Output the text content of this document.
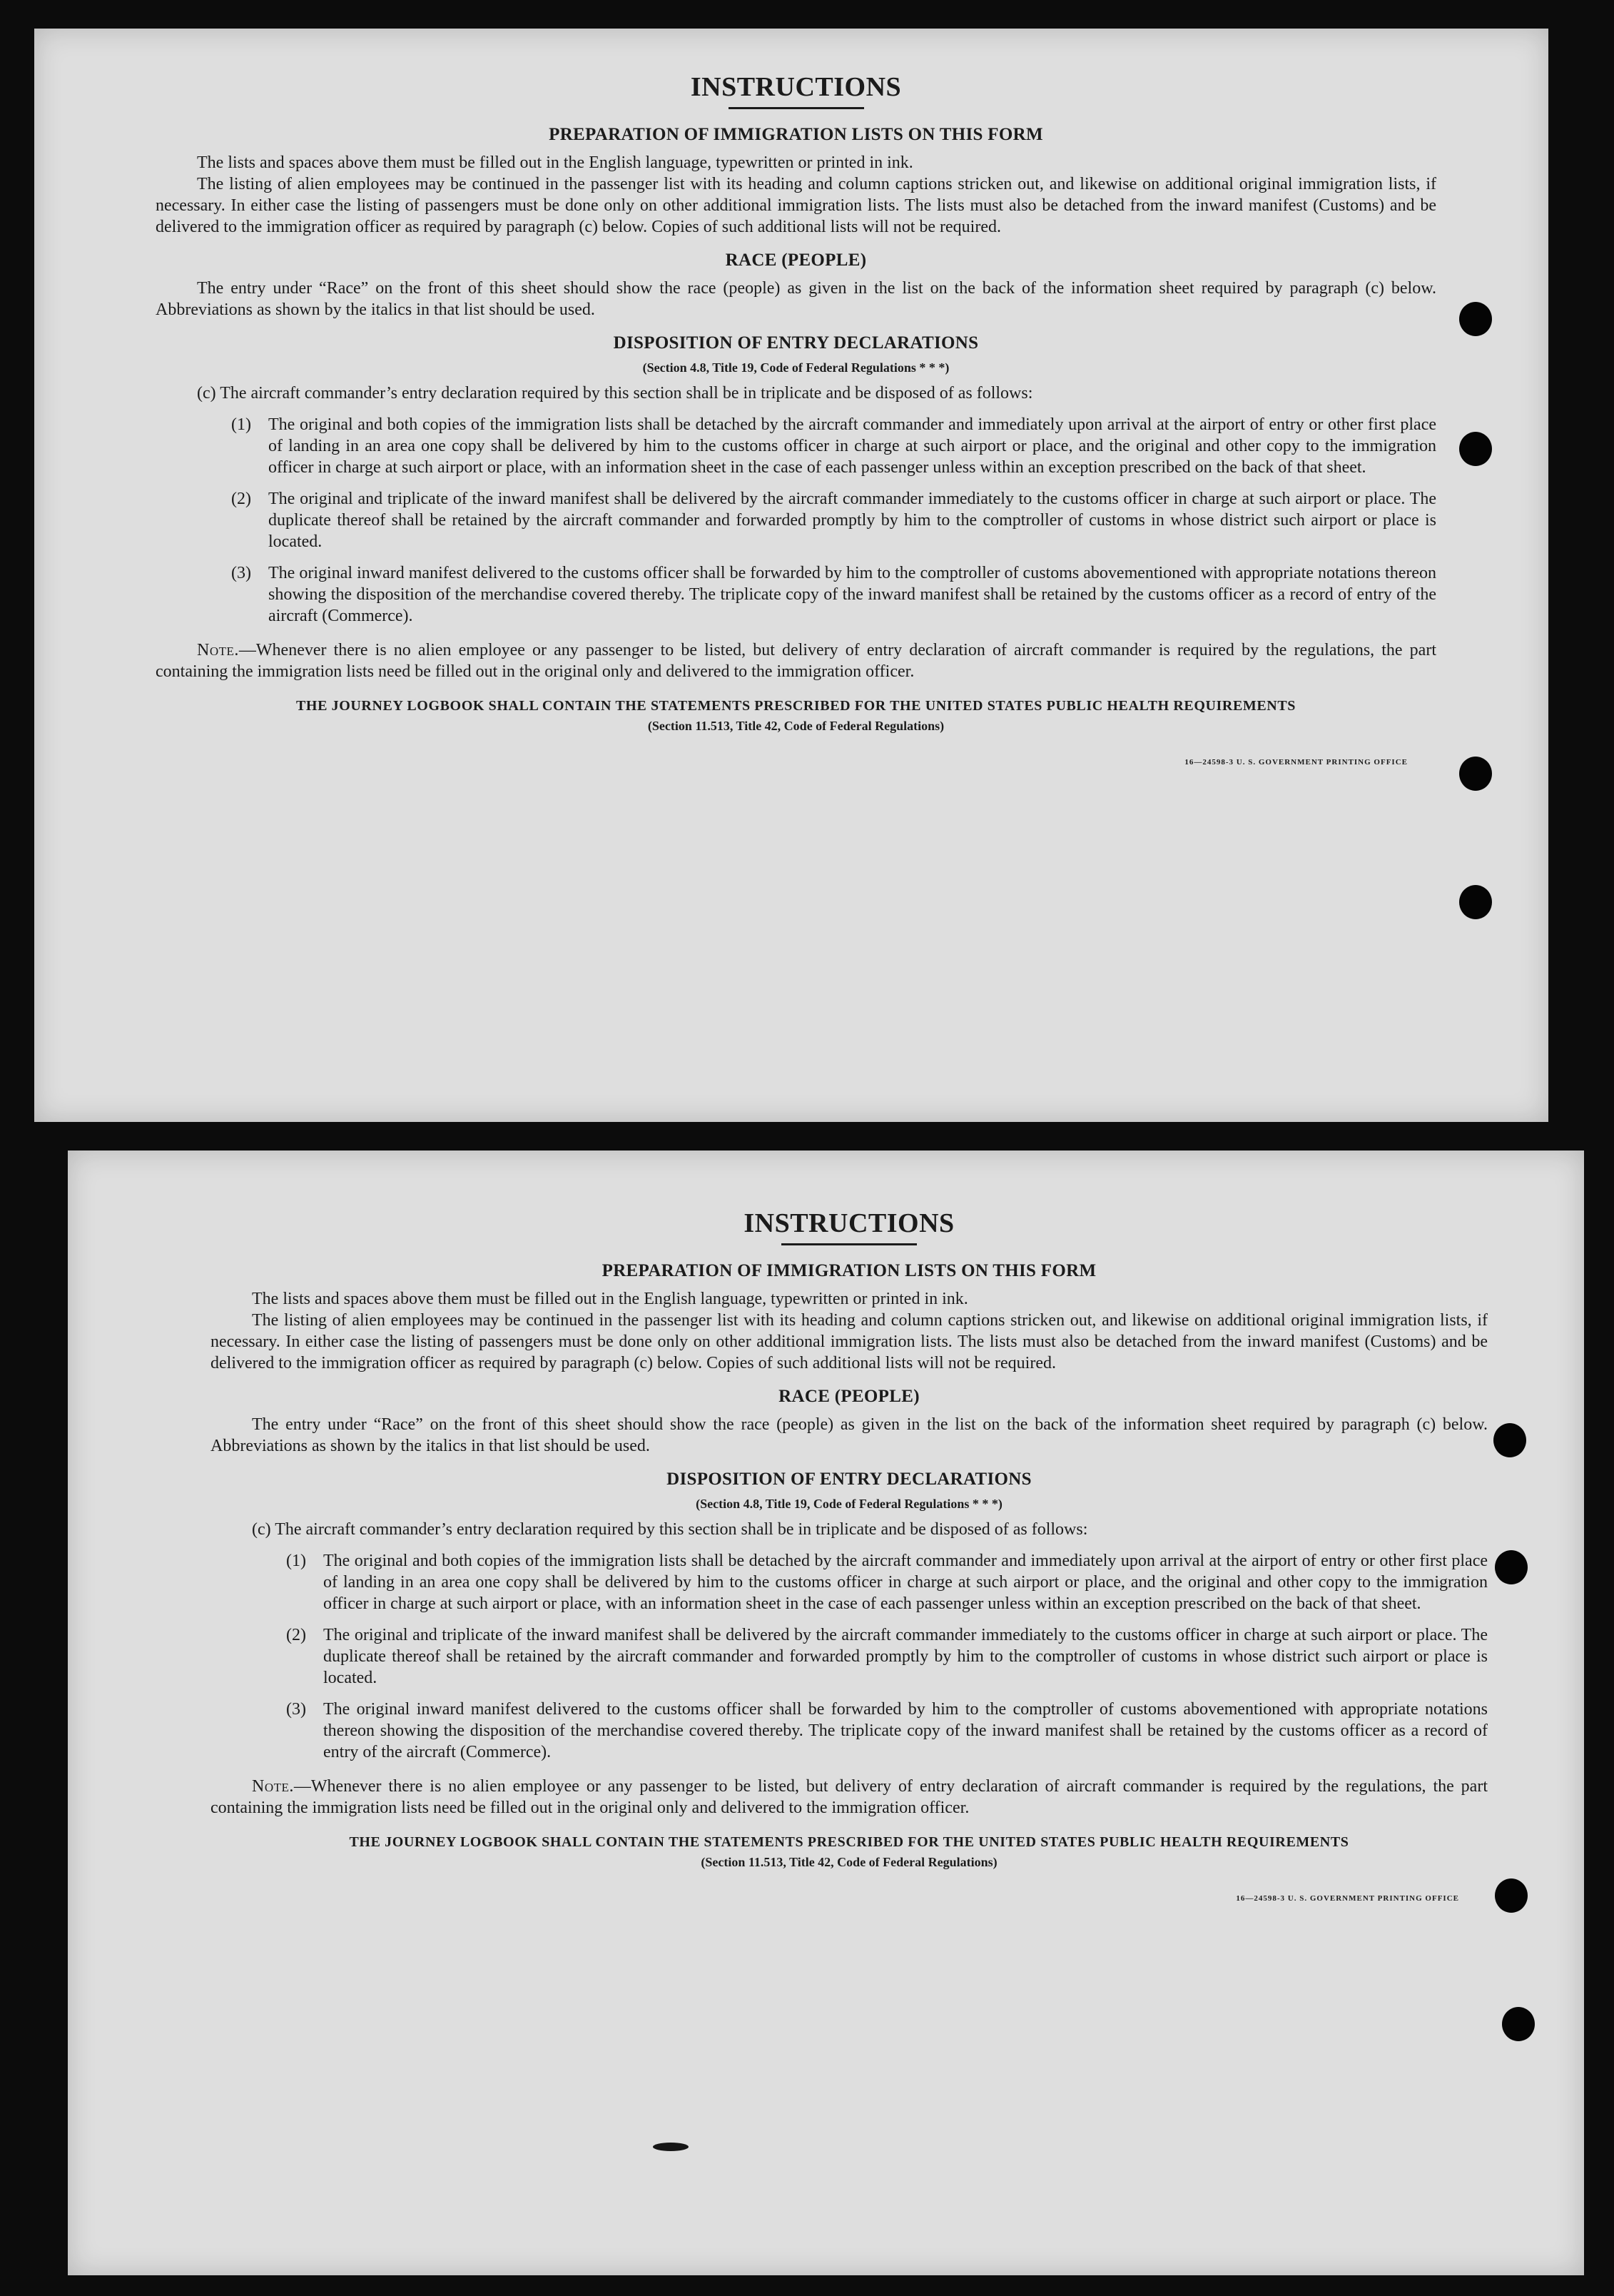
INSTRUCTIONS
PREPARATION OF IMMIGRATION LISTS ON THIS FORM

The lists and spaces above them must be filled out in the English language, typewritten or printed in ink.

The listing of alien employees may be continued in the passenger list with its heading and column captions stricken out, and likewise on additional original immigration lists, if necessary. In either case the listing of passengers must be done only on other additional immigration lists. The lists must also be detached from the inward manifest (Customs) and be delivered to the immigration officer as required by paragraph (c) below. Copies of such additional lists will not be required.

RACE (PEOPLE)

The entry under “Race” on the front of this sheet should show the race (people) as given in the list on the back of the information sheet required by paragraph (c) below. Abbreviations as shown by the italics in that list should be used.

DISPOSITION OF ENTRY DECLARATIONS
(Section 4.8, Title 19, Code of Federal Regulations * * *)

(c) The aircraft commander’s entry declaration required by this section shall be in triplicate and be disposed of as follows:

(1)	The original and both copies of the immigration lists shall be detached by the aircraft commander and immediately upon arrival at the airport of entry or other first place of landing in an area one copy shall be delivered by him to the customs officer in charge at such airport or place, and the original and other copy to the immigration officer in charge at such airport or place, with an information sheet in the case of each passenger unless within an exception prescribed on the back of that sheet.
(2)	The original and triplicate of the inward manifest shall be delivered by the aircraft commander immediately to the customs officer in charge at such airport or place. The duplicate thereof shall be retained by the aircraft commander and forwarded promptly by him to the comptroller of customs in whose district such airport or place is located.
(3)	The original inward manifest delivered to the customs officer shall be forwarded by him to the comptroller of customs abovementioned with appropriate notations thereon showing the disposition of the merchandise covered thereby. The triplicate copy of the inward manifest shall be retained by the customs officer as a record of entry of the aircraft (Commerce).

Note.—Whenever there is no alien employee or any passenger to be listed, but delivery of entry declaration of aircraft commander is required by the regulations, the part containing the immigration lists need be filled out in the original only and delivered to the immigration officer.

THE JOURNEY LOGBOOK SHALL CONTAIN THE STATEMENTS PRESCRIBED FOR THE UNITED STATES PUBLIC HEALTH REQUIREMENTS
(Section 11.513, Title 42, Code of Federal Regulations)
16—24598-3 U. S. GOVERNMENT PRINTING OFFICE
INSTRUCTIONS
PREPARATION OF IMMIGRATION LISTS ON THIS FORM

The lists and spaces above them must be filled out in the English language, typewritten or printed in ink.

The listing of alien employees may be continued in the passenger list with its heading and column captions stricken out, and likewise on additional original immigration lists, if necessary. In either case the listing of passengers must be done only on other additional immigration lists. The lists must also be detached from the inward manifest (Customs) and be delivered to the immigration officer as required by paragraph (c) below. Copies of such additional lists will not be required.

RACE (PEOPLE)

The entry under “Race” on the front of this sheet should show the race (people) as given in the list on the back of the information sheet required by paragraph (c) below. Abbreviations as shown by the italics in that list should be used.

DISPOSITION OF ENTRY DECLARATIONS
(Section 4.8, Title 19, Code of Federal Regulations * * *)

(c) The aircraft commander’s entry declaration required by this section shall be in triplicate and be disposed of as follows:

(1)	The original and both copies of the immigration lists shall be detached by the aircraft commander and immediately upon arrival at the airport of entry or other first place of landing in an area one copy shall be delivered by him to the customs officer in charge at such airport or place, and the original and other copy to the immigration officer in charge at such airport or place, with an information sheet in the case of each passenger unless within an exception prescribed on the back of that sheet.
(2)	The original and triplicate of the inward manifest shall be delivered by the aircraft commander immediately to the customs officer in charge at such airport or place. The duplicate thereof shall be retained by the aircraft commander and forwarded promptly by him to the comptroller of customs in whose district such airport or place is located.
(3)	The original inward manifest delivered to the customs officer shall be forwarded by him to the comptroller of customs abovementioned with appropriate notations thereon showing the disposition of the merchandise covered thereby. The triplicate copy of the inward manifest shall be retained by the customs officer as a record of entry of the aircraft (Commerce).

Note.—Whenever there is no alien employee or any passenger to be listed, but delivery of entry declaration of aircraft commander is required by the regulations, the part containing the immigration lists need be filled out in the original only and delivered to the immigration officer.

THE JOURNEY LOGBOOK SHALL CONTAIN THE STATEMENTS PRESCRIBED FOR THE UNITED STATES PUBLIC HEALTH REQUIREMENTS
(Section 11.513, Title 42, Code of Federal Regulations)
16—24598-3 U. S. GOVERNMENT PRINTING OFFICE
